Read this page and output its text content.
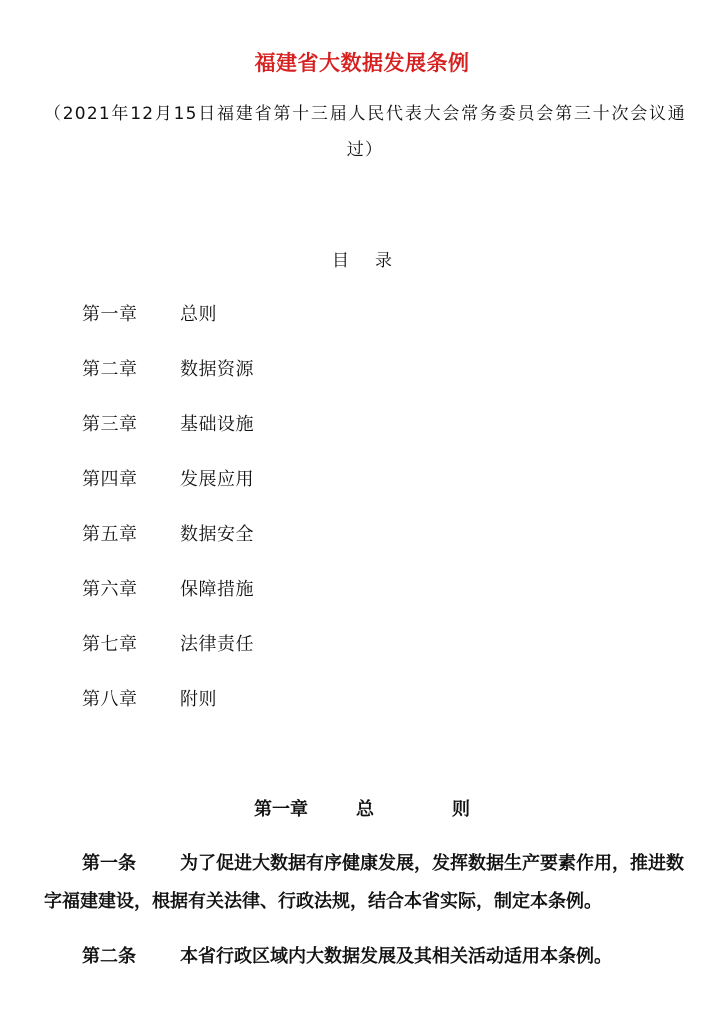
福建省大数据发展条例
（2021年12月15日福建省第十三届人民代表大会常务委员会第三十次会议通过）
目录
第一章	总则
第二章	数据资源
第三章	基础设施
第四章	发展应用
第五章	数据安全
第六章	保障措施
第七章	法律责任
第八章	附则
第一章	总	则
第一条 为了促进大数据有序健康发展，发挥数据生产要素作用，推进数字福建建设，根据有关法律、行政法规，结合本省实际，制定本条例。
第二条 本省行政区域内大数据发展及其相关活动适用本条例。
